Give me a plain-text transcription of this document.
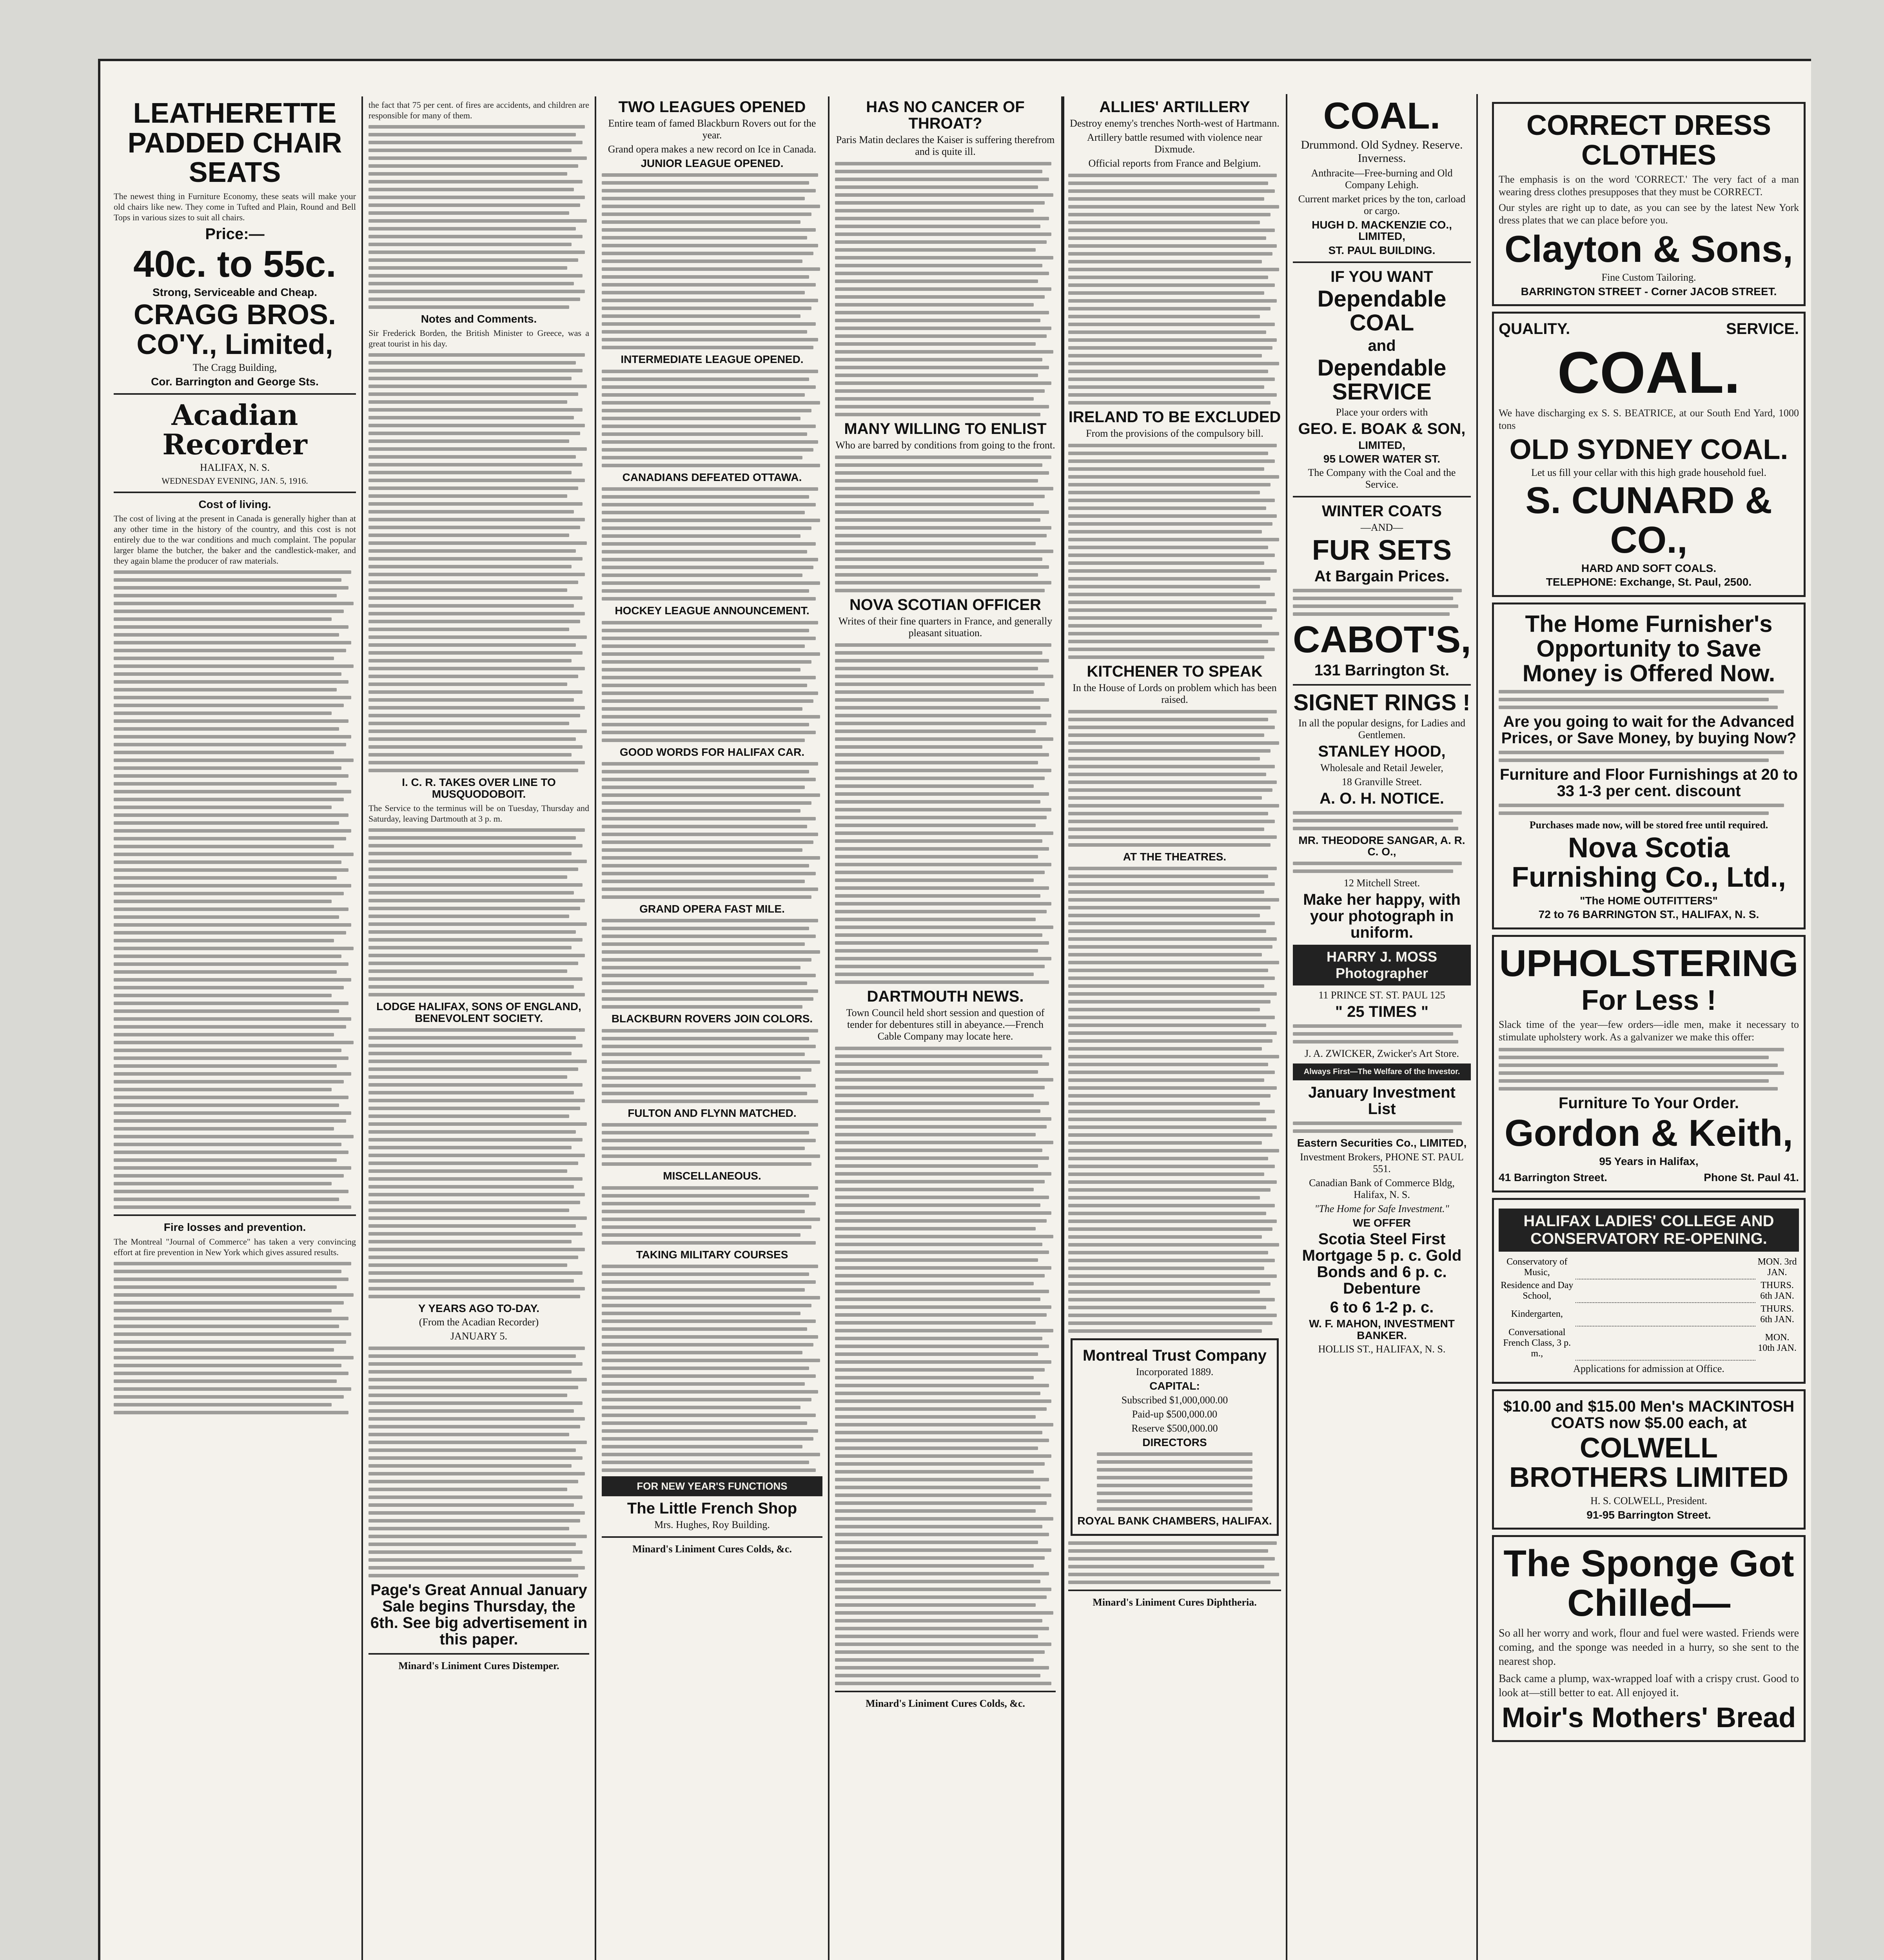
LEATHERETTE PADDED CHAIR SEATS
The newest thing in Furniture Economy, these seats will make your old chairs like new. They come in Tufted and Plain, Round and Bell Tops in various sizes to suit all chairs.
Price:—
40c. to 55c.
Strong, Serviceable and Cheap.
CRAGG BROS. CO'Y., Limited,
The Cragg Building,
Cor. Barrington and George Sts.
Acadian Recorder
HALIFAX, N. S.
WEDNESDAY EVENING, JAN. 5, 1916.
Cost of living.
The cost of living at the present in Canada is generally higher than at any other time in the history of the country, and this cost is not entirely due to the war conditions and much complaint. The popular larger blame the butcher, the baker and the candlestick-maker, and they again blame the producer of raw materials.
Fire losses and prevention.
The Montreal "Journal of Commerce" has taken a very convincing effort at fire prevention in New York which gives assured results.
the fact that 75 per cent. of fires are accidents, and children are responsible for many of them.
Notes and Comments.
Sir Frederick Borden, the British Minister to Greece, was a great tourist in his day.
I. C. R. TAKES OVER LINE TO MUSQUODOBOIT.
The Service to the terminus will be on Tuesday, Thursday and Saturday, leaving Dartmouth at 3 p. m.
LODGE HALIFAX, SONS OF ENGLAND, BENEVOLENT SOCIETY.
Y YEARS AGO TO-DAY.
(From the Acadian Recorder)
JANUARY 5.
Page's Great Annual January Sale begins Thursday, the 6th. See big advertisement in this paper.
Minard's Liniment Cures Distemper.
TWO LEAGUES OPENED
Entire team of famed Blackburn Rovers out for the year.
Grand opera makes a new record on Ice in Canada.
JUNIOR LEAGUE OPENED.
INTERMEDIATE LEAGUE OPENED.
CANADIANS DEFEATED OTTAWA.
HOCKEY LEAGUE ANNOUNCEMENT.
GOOD WORDS FOR HALIFAX CAR.
GRAND OPERA FAST MILE.
BLACKBURN ROVERS JOIN COLORS.
FULTON AND FLYNN MATCHED.
MISCELLANEOUS.
TAKING MILITARY COURSES
FOR NEW YEAR'S FUNCTIONS
The Little French Shop
Mrs. Hughes, Roy Building.
Minard's Liniment Cures Colds, &c.
HAS NO CANCER OF THROAT?
Paris Matin declares the Kaiser is suffering therefrom and is quite ill.
MANY WILLING TO ENLIST
Who are barred by conditions from going to the front.
NOVA SCOTIAN OFFICER
Writes of their fine quarters in France, and generally pleasant situation.
DARTMOUTH NEWS.
Town Council held short session and question of tender for debentures still in abeyance.—French Cable Company may locate here.
Minard's Liniment Cures Colds, &c.
ALLIES' ARTILLERY
Destroy enemy's trenches North-west of Hartmann.
Artillery battle resumed with violence near Dixmude.
Official reports from France and Belgium.
IRELAND TO BE EXCLUDED
From the provisions of the compulsory bill.
KITCHENER TO SPEAK
In the House of Lords on problem which has been raised.
AT THE THEATRES.
Montreal Trust Company
Incorporated 1889.
CAPITAL:
Subscribed $1,000,000.00
Paid-up $500,000.00
Reserve $500,000.00
DIRECTORS
ROYAL BANK CHAMBERS, HALIFAX.
Minard's Liniment Cures Diphtheria.
CORRECT DRESS CLOTHES
The emphasis is on the word 'CORRECT.' The very fact of a man wearing dress clothes presupposes that they must be CORRECT.
Our styles are right up to date, as you can see by the latest New York dress plates that we can place before you.
Clayton & Sons,
Fine Custom Tailoring.
BARRINGTON STREET - Corner JACOB STREET.
QUALITY.	SERVICE.
COAL.
We have discharging ex S. S. BEATRICE, at our South End Yard, 1000 tons
OLD SYDNEY COAL.
Let us fill your cellar with this high grade household fuel.
S. CUNARD & CO.,
HARD AND SOFT COALS.
TELEPHONE: Exchange, St. Paul, 2500.
The Home Furnisher's Opportunity to Save Money is Offered Now.
Are you going to wait for the Advanced Prices, or Save Money, by buying Now?
Furniture and Floor Furnishings at 20 to 33 1-3 per cent. discount
Purchases made now, will be stored free until required.
Nova Scotia Furnishing Co., Ltd.,
"The HOME OUTFITTERS"
72 to 76 BARRINGTON ST., HALIFAX, N. S.
UPHOLSTERING
For Less !
Slack time of the year—few orders—idle men, make it necessary to stimulate upholstery work. As a galvanizer we make this offer:
Furniture To Your Order.
Gordon & Keith,
95 Years in Halifax,
41 Barrington Street.	Phone St. Paul 41.
HALIFAX LADIES' COLLEGE AND CONSERVATORY RE-OPENING.
Conservatory of Music,		MON. 3rd JAN.
Residence and Day School,		THURS. 6th JAN.
Kindergarten,		THURS. 6th JAN.
Conversational French Class, 3 p. m.,		MON. 10th JAN.
Applications for admission at Office.
$10.00 and $15.00 Men's MACKINTOSH COATS now $5.00 each, at
COLWELL BROTHERS LIMITED
H. S. COLWELL, President.
91-95 Barrington Street.
The Sponge Got Chilled—
So all her worry and work, flour and fuel were wasted. Friends were coming, and the sponge was needed in a hurry, so she sent to the nearest shop.
Back came a plump, wax-wrapped loaf with a crispy crust. Good to look at—still better to eat. All enjoyed it.
Moir's Mothers' Bread
COAL.
Drummond. Old Sydney. Reserve. Inverness.
Anthracite—Free-burning and Old Company Lehigh.
Current market prices by the ton, carload or cargo.
HUGH D. MACKENZIE CO., LIMITED,
ST. PAUL BUILDING.
IF YOU WANT
Dependable COAL
and
Dependable SERVICE
Place your orders with
GEO. E. BOAK & SON,
LIMITED,
95 LOWER WATER ST.
The Company with the Coal and the Service.
WINTER COATS
—AND—
FUR SETS
At Bargain Prices.
CABOT'S,
131 Barrington St.
SIGNET RINGS !
In all the popular designs, for Ladies and Gentlemen.
STANLEY HOOD,
Wholesale and Retail Jeweler,
18 Granville Street.
A. O. H. NOTICE.
MR. THEODORE SANGAR, A. R. C. O.,
12 Mitchell Street.
Make her happy, with your photograph in uniform.
HARRY J. MOSS Photographer
11 PRINCE ST. ST. PAUL 125
" 25 TIMES "
J. A. ZWICKER, Zwicker's Art Store.
Always First—The Welfare of the Investor.
January Investment List
Eastern Securities Co., LIMITED,
Investment Brokers, PHONE ST. PAUL 551.
Canadian Bank of Commerce Bldg, Halifax, N. S.
"The Home for Safe Investment."
WE OFFER
Scotia Steel First Mortgage 5 p. c. Gold Bonds and 6 p. c. Debenture
6 to 6 1-2 p. c.
W. F. MAHON, INVESTMENT BANKER.
HOLLIS ST., HALIFAX, N. S.
